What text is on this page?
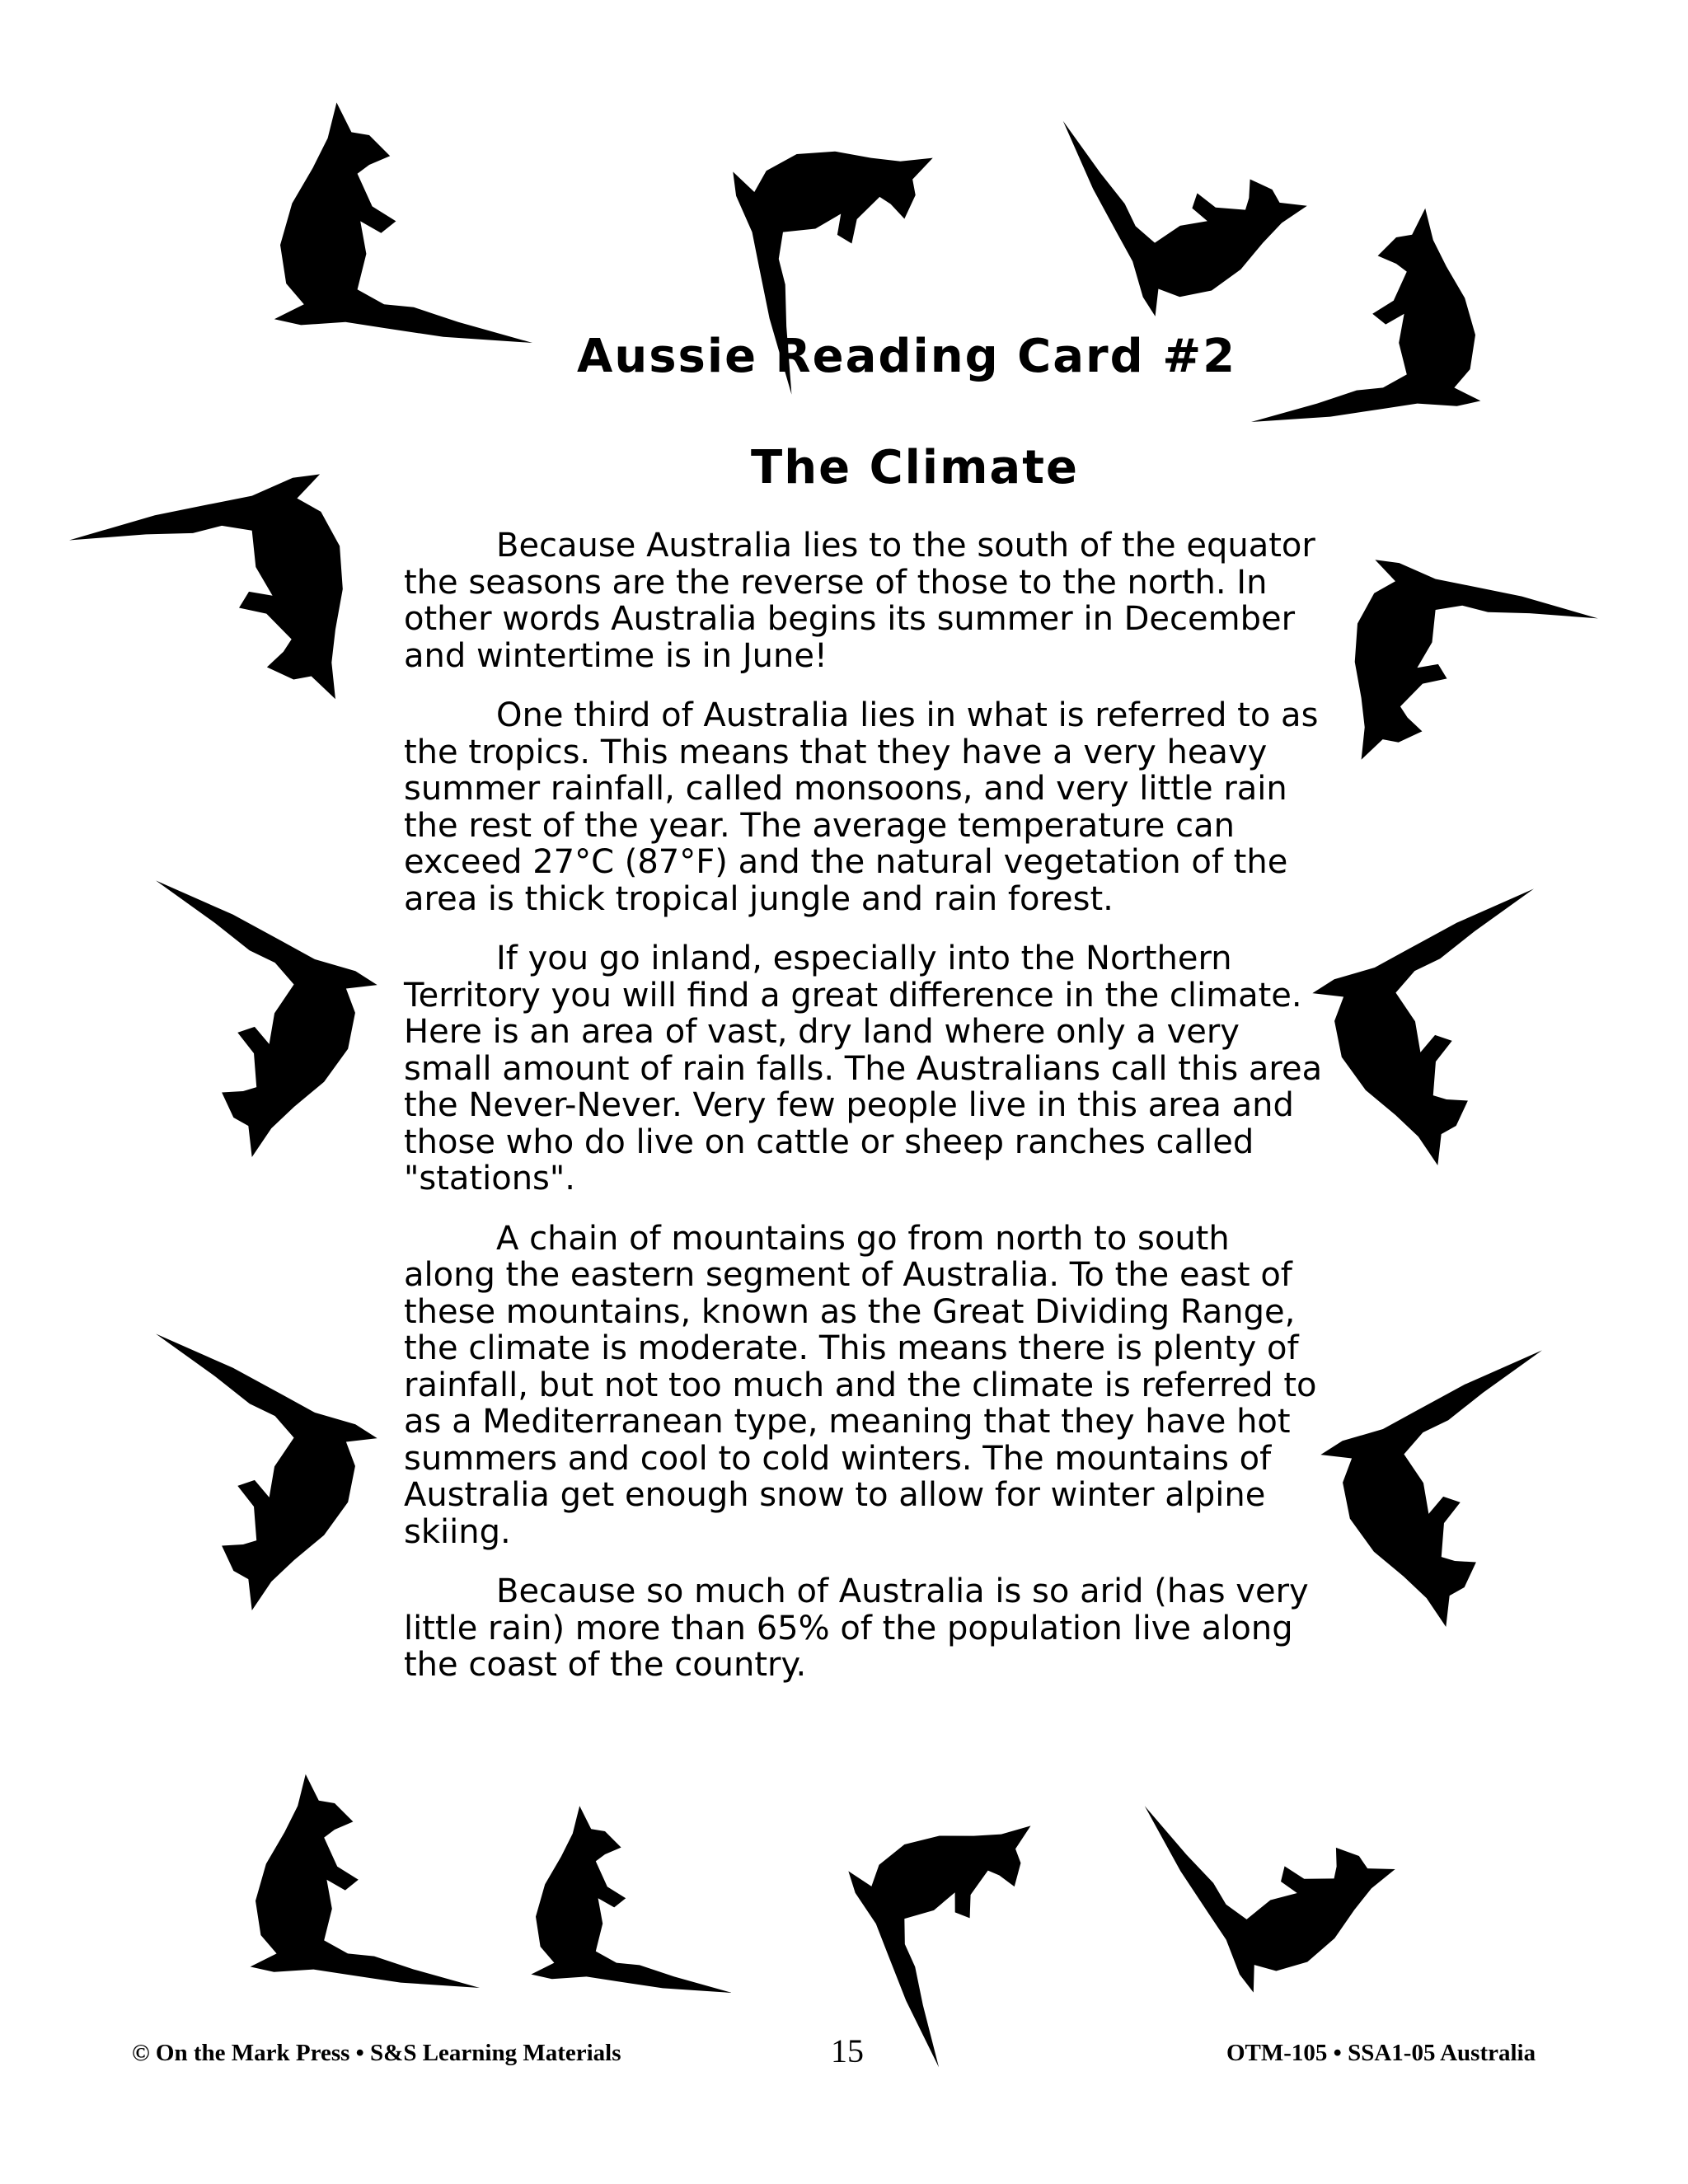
Aussie Reading Card #2
The Climate

Because Australia lies to the south of the equator the seasons are the reverse of those to the north. In other words Australia begins its summer in December and wintertime is in June!

One third of Australia lies in what is referred to as the tropics. This means that they have a very heavy summer rainfall, called monsoons, and very little rain the rest of the year. The average temperature can exceed 27°C (87°F) and the natural vegetation of the area is thick tropical jungle and rain forest.

If you go inland, especially into the Northern Territory you will find a great difference in the climate. Here is an area of vast, dry land where only a very small amount of rain falls. The Australians call this area the Never-Never. Very few people live in this area and those who do live on cattle or sheep ranches called "stations".

A chain of mountains go from north to south along the eastern segment of Australia. To the east of these mountains, known as the Great Dividing Range, the climate is moderate. This means there is plenty of rainfall, but not too much and the climate is referred to as a Mediterranean type, meaning that they have hot summers and cool to cold winters. The mountains of Australia get enough snow to allow for winter alpine skiing.

Because so much of Australia is so arid (has very little rain) more than 65% of the population live along the coast of the country.

© On the Mark Press • S&S Learning Materials	15	OTM-105 • SSA1-05 Australia
